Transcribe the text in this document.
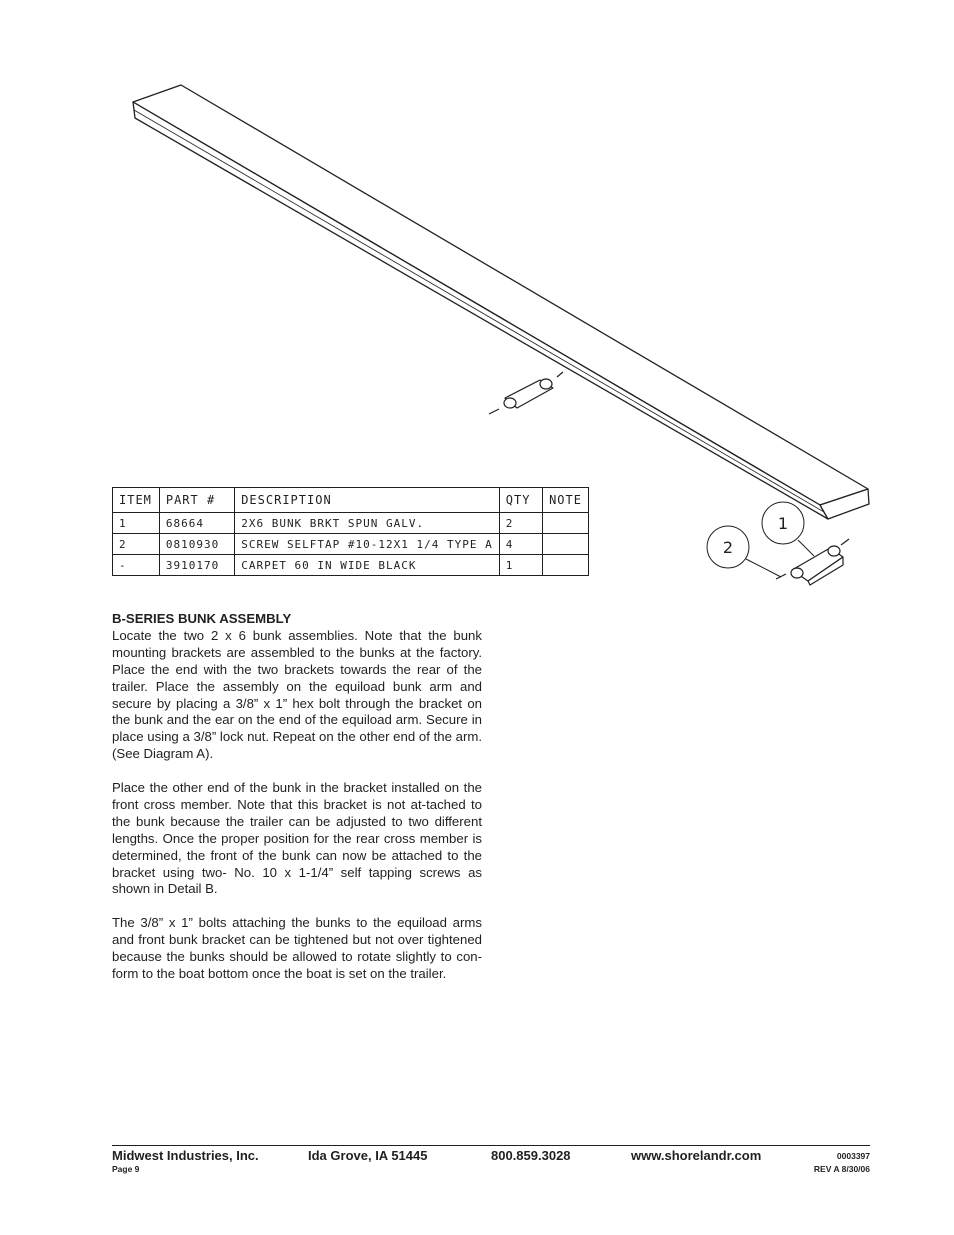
1
2
ITEM	PART #	DESCRIPTION	QTY	NOTE
1	68664	2X6 BUNK BRKT SPUN GALV.	2	
2	0810930	SCREW SELFTAP #10-12X1 1/4 TYPE A	4	
-	3910170	CARPET 60 IN WIDE BLACK	1	
B-SERIES BUNK ASSEMBLY

Locate the two 2 x 6 bunk assemblies. Note that the bunk mounting brackets are assembled to the bunks at the factory. Place the end with the two brackets towards the rear of the trailer. Place the assembly on the equiload bunk arm and secure by placing a 3/8” x 1” hex bolt through the bracket on the bunk and the ear on the end of the equiload arm. Secure in place using a 3/8” lock nut. Repeat on the other end of the arm. (See Diagram A).

Place the other end of the bunk in the bracket installed on the front cross member. Note that this bracket is not at-tached to the bunk because the trailer can be adjusted to two different lengths. Once the proper position for the rear cross member is determined, the front of the bunk can now be attached to the bracket using two- No. 10 x 1-1/4” self tapping screws as shown in Detail B.

The 3/8” x 1” bolts attaching the bunks to the equiload arms and front bunk bracket can be tightened but not over tightened because the bunks should be allowed to rotate slightly to con-form to the boat bottom once the boat is set on the trailer.

Midwest Industries, Inc.	Ida Grove, IA 51445	800.859.3028	www.shorelandr.com
Page 9
0003397
REV A 8/30/06
